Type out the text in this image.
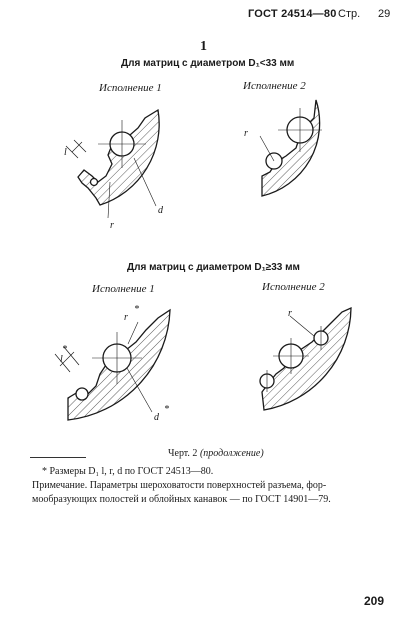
ГОСТ 24514—80 Стр. 29
1
Для матриц с диаметром D₁<33 мм
Исполнение 1	Исполнение 2
Для матриц с диаметром D₁≥33 мм
Исполнение 1	Исполнение 2
l
r
d
r
r
*
l
*
d
*
r
Черт. 2 (продолжение)
* Размеры D₁ l, r, d по ГОСТ 24513—80.
Примечание. Параметры шероховатости поверхностей разъема, фор-
мообразующих полостей и облойных канавок — по ГОСТ 14901—79.
209
